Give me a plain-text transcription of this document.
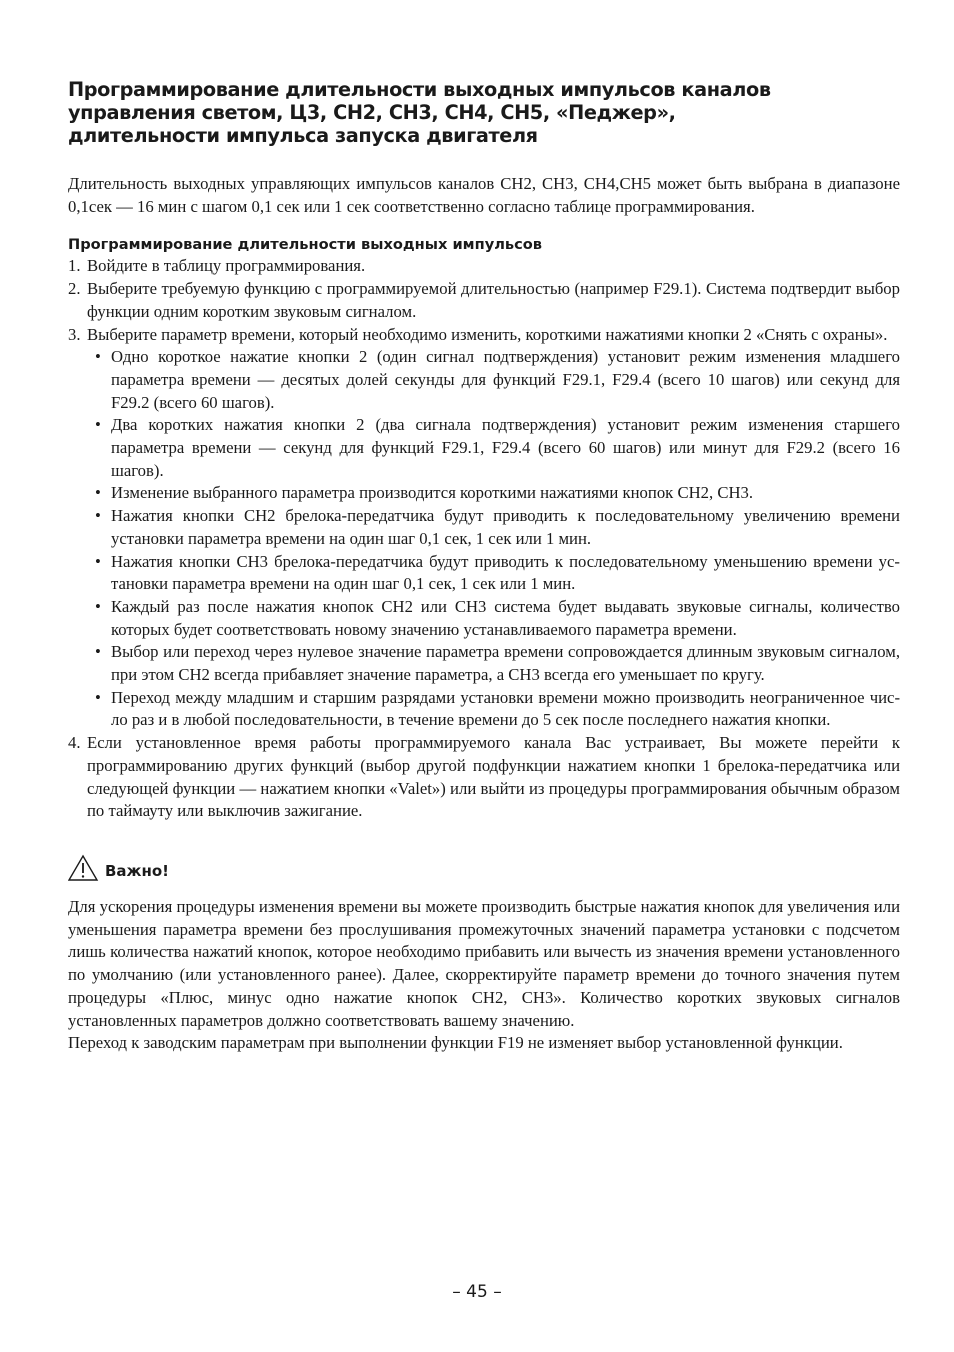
Программирование длительности выходных импульсов каналов
управления светом, Ц3, СН2, СН3, СН4, СН5, «Педжер»,
длительности импульса запуска двигателя

Длительность выходных управляющих импульсов каналов СН2, СН3, СН4,СН5 может быть выбрана в диапазоне 0,1сек — 16 мин с шагом 0,1 сек или 1 сек соответственно согласно таблице программирования.

Программирование длительности выходных импульсов
1. Войдите в таблицу программирования.
2. Выберите требуемую функцию с программируемой длительностью (например F29.1). Система подтвердит выбор функции одним коротким звуковым сигналом.
3. Выберите параметр времени, который необходимо изменить, короткими нажатиями кнопки 2 «Снять с охраны».
• Одно короткое нажатие кнопки 2 (один сигнал подтверждения) установит режим изменения младшего параметра времени — десятых долей секунды для функций F29.1, F29.4 (всего 10 шагов) или секунд для F29.2 (всего 60 шагов).
• Два коротких нажатия кнопки 2 (два сигнала подтверждения) установит режим изменения старшего параметра времени — секунд для функций F29.1, F29.4 (всего 60 шагов) или минут для F29.2 (всего 16 шагов).
• Изменение выбранного параметра производится короткими нажатиями кнопок СН2, СН3.
• Нажатия кнопки СН2 брелока-передатчика будут приводить к последовательному увеличению времени установки параметра времени на один шаг 0,1 сек, 1 сек или 1 мин.
• Нажатия кнопки СН3 брелока-передатчика будут приводить к последовательному уменьшению времени ус-тановки параметра времени на один шаг 0,1 сек, 1 сек или 1 мин.
• Каждый раз после нажатия кнопок СН2 или СН3 система будет выдавать звуковые сигналы, количество которых будет соответствовать новому значению устанавливаемого параметра времени.
• Выбор или переход через нулевое значение параметра времени сопровождается длинным звуковым сигналом, при этом СН2 всегда прибавляет значение параметра, а СН3 всегда его уменьшает по кругу.
• Переход между младшим и старшим разрядами установки времени можно производить неограниченное чис-ло раз и в любой последовательности, в течение времени до 5 сек после последнего нажатия кнопки.
4. Если установленное время работы программируемого канала Вас устраивает, Вы можете перейти к программированию других функций (выбор другой подфункции нажатием кнопки 1 брелока-передатчика или следующей функции — нажатием кнопки «Valet») или выйти из процедуры программирования обычным образом по таймауту или выключив зажигание.
Важно!

Для ускорения процедуры изменения времени вы можете производить быстрые нажатия кнопок для увеличения или уменьшения параметра времени без прослушивания промежуточных значений параметра установки с подсчетом лишь количества нажатий кнопок, которое необходимо прибавить или вычесть из значения времени установленного по умолчанию (или установленного ранее). Далее, скорректируйте параметр времени до точного значения путем процедуры «Плюс, минус одно нажатие кнопок СН2, СН3». Количество коротких звуковых сигналов установленных параметров должно соответствовать вашему значению.

Переход к заводским параметрам при выполнении функции F19 не изменяет выбор установленной функции.

– 45 –
